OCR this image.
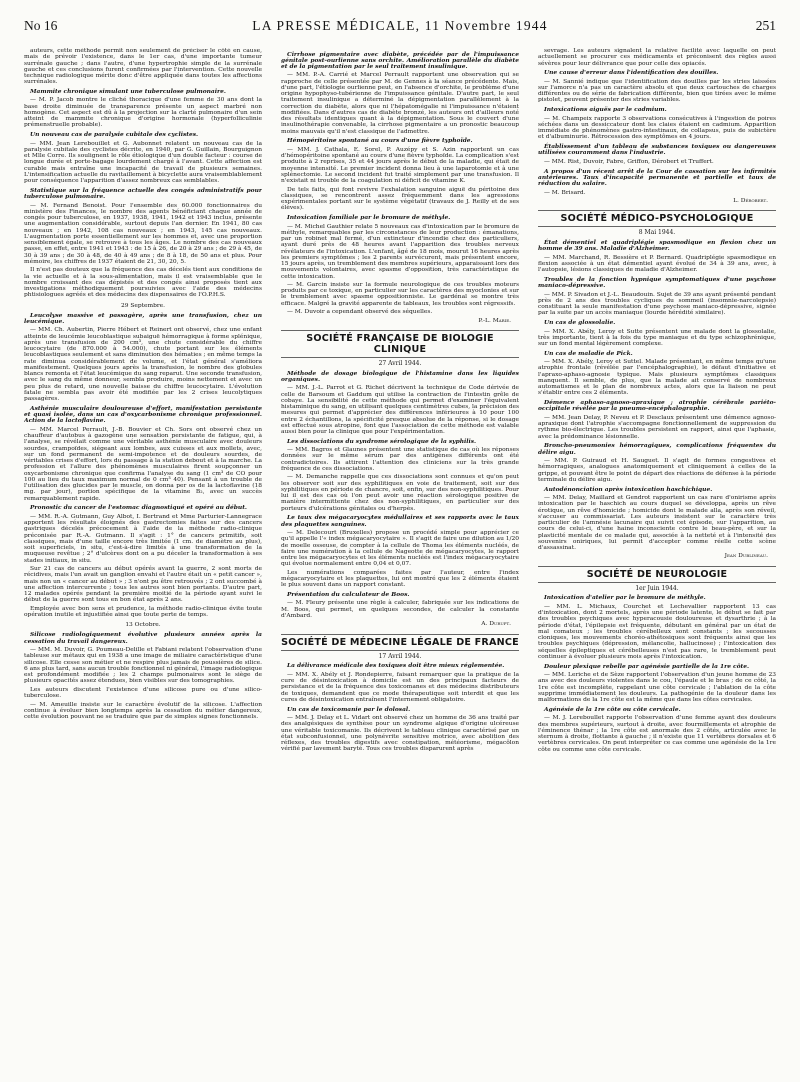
LA PRESSE MÉDICALE, 11 Novembre 1944
No 16	251

auteurs, cette méthode permit non seulement de préciser le côté en cause, mais de prévoir l'existence, dans le 1er cas, d'une importante tumeur surrénale gauche ; dans l'autre, d'une hypertrophie simple de la surrénale gauche et ces conclusions furent confirmées par l'intervention. Cette nouvelle technique radiologique mérite donc d'être appliquée dans toutes les affections surrénales.

Mammite chronique simulant une tuberculose pulmonaire.

— M. P. Jacob montre le cliché thoracique d'une femme de 30 ans dont la base droite diminuée de transparence présente un aspect marbré non homogène. Cet aspect est dû à la projection sur la clarté pulmonaire d'un sein atteint de mammite chronique d'origine hormonale (hyperfolliculinie prémenstruelle probable).

Un nouveau cas de paralysie cubitale des cyclistes.

— MM. Jean Lerebouillet et G. Aubonnet relatent un nouveau cas de la paralysie cubitale des cyclistes décrite, en 1940, par G. Guillain, Bourguignon et Mlle Corre. Ils soulignent le rôle étiologique d'un double facteur : course de longue durée et porte-bagage lourdement chargé à l'avant. Cette affection est curable mais entraîne une incapacité de travail de plusieurs semaines. L'intensification actuelle du ravitaillement à bicyclette aura vraisemblablement pour conséquence l'apparition d'assez nombreux cas semblables.

Statistique sur la fréquence actuelle des congés administratifs pour tuberculose pulmonaire.

— M. Fernand Benoist. Pour l'ensemble des 60.000 fonctionnaires du ministère des Finances, le nombre des agents bénéficiant chaque année de congés pour tuberculose, en 1937, 1938, 1941, 1942 et 1943 inclus, présente une augmentation considérable, surtout depuis l'an dernier. En 1941, 80 cas nouveaux ; en 1942, 108 cas nouveaux ; en 1943, 145 cas nouveaux. L'augmentation porte essentiellement sur les hommes et, avec une proportion sensiblement égale, se retrouve à tous les âges. Le nombre des cas nouveaux passe, en effet, entre 1941 et 1943 : de 15 à 26, de 20 à 29 ans ; de 29 à 45, de 30 à 39 ans ; de 30 à 48, de 40 à 49 ans ; de 8 à 18, de 50 ans et plus. Pour mémoire, les chiffres de 1937 étaient de 21, 30, 20, 5.

Il n'est pas douteux que la fréquence des cas décelés tient aux conditions de la vie actuelle et à la sous-alimentation, mais il est vraisemblable que le nombre croissant des cas dépistés et des congés ainsi proposés tient aux investigations méthodiquement poursuivies avec l'aide des médecins phtisiologues agréés et des médecins des dispensaires de l'O.P.H.S.

29 Septembre.

Leucolyse massive et passagère, après une transfusion, chez un leucémique.

— MM. Ch. Aubertin, Pierre Hébert et Reinert ont observé, chez une enfant atteinte de leucémie leucoblastique subaiguë hémorragique à forme splénique, après une transfusion de 200 cm³, une chute considérable du chiffre leucocytaire (de 870.000 à 54.000), chute portant sur les éléments leucoblastiques seulement et sans diminution des hématies ; en même temps la rate diminua considérablement de volume, et l'état général s'améliora manifestement. Quelques jours après la transfusion, le nombre des globules blancs remonta et l'état leucémique du sang reparut. Une seconde transfusion, avec le sang du même donneur, sembla produire, moins nettement et avec un peu plus de retard, une nouvelle baisse du chiffre leucocytaire. L'évolution fatale ne sembla pas avoir été modifiée par les 2 crises leucolytiques passagères.

Asthénie musculaire douloureuse d'effort, manifestation persistante et quasi isolée, dans un cas d'oxycarbonisme chronique professionnel. Action de la lactoflavine.

— MM. Marcel Perrault, J.-B. Bouvier et Ch. Sors ont observé chez un chauffeur d'autobus à gazogène une sensation persistante de fatigue, qui, à l'analyse, se révélait comme une véritable asthénie musculaire avec douleurs sourdes, crampoïdes, siégeant aux lombes, aux cuisses et aux mollets, avec, sur un fond permanent de semi-impotence et de douleurs sourdes, de véritables crises d'effort, lors du passage à la station debout et à la marche. La profession et l'allure des phénomènes musculaires firent soupçonner un oxycarbonisme chronique que confirma l'analyse du sang (1 cm³ de CO pour 100 au lieu du taux maximum normal de 0 cm³ 40). Pensant à un trouble de l'utilisation des glucides par le muscle, on donna per os de la lactoflavine (18 mg. par jour), portion spécifique de la vitamine B₂, avec un succès remarquablement rapide.

Pronostic du cancer de l'estomac diagnostiqué et opéré au début.

— MM. R.-A. Gutmann, Guy Albot, I. Bertrand et Mme Parturier-Lannegrace apportent les résultats éloignés des gastrectomies faites sur des cancers gastriques décelés précocement à l'aide de la méthode radio-clinique préconisée par R.-A. Gutmann. Il s'agit : 1° de cancers primitifs, soit classiques, mais d'une taille encore très limitée (1 cm. de diamètre au plus), soit superficiels, in situ, c'est-à-dire limités à une transformation de la muqueuse revêtue ; 2° d'ulcères dont on a pu déceler la transformation à ses stades initiaux, in situ.

Sur 21 cas de cancers au début opérés avant la guerre, 2 sont morts de récidives, mais l'un avait un ganglion envahi et l'autre était un « petit cancer », mais non un « cancer au début » ; 3 n'ont pu être retrouvés ; 2 ont succombé à une affection intercurrente ; tous les autres sont bien portants. D'autre part, 12 malades opérés pendant la première moitié de la période ayant suivi le début de la guerre sont tous en bon état après 2 ans.

Employée avec bon sens et prudence, la méthode radio-clinique évite toute opération inutile et injustifiée ainsi que toute perte de temps.

13 Octobre.

Silicose radiologiquement évolutive plusieurs années après la cessation du travail dangereux.

— MM. M. Duvoir, G. Poumeau-Delille et Fabiani relatent l'observation d'une tableuse sur métaux qui en 1938 a une image de miliaire caractéristique d'une silicose. Elle cesse son métier et ne respire plus jamais de poussières de silice. 6 ans plus tard, sans aucun trouble fonctionnel ni général, l'image radiologique est profondément modifiée ; les 2 champs pulmonaires sont le siège de plusieurs opacités assez étendues, bien visibles sur des tomographies.

Les auteurs discutent l'existence d'une silicose pure ou d'une silico-tuberculose.

— M. Ameuille insiste sur le caractère évolutif de la silicose. L'affection continue à évoluer bien longtemps après la cessation du métier dangereux, cette évolution pouvant ne se traduire que par de simples signes fonctionnels.

Cirrhose pigmentaire avec diabète, précédée par de l'impuissance génitale post-ourlienne sans orchite. Amélioration parallèle du diabète et de la pigmentation par le seul traitement insulinique.

— MM. P.-A. Carrié et Marcel Perrault rapportent une observation qui se rapproche de celle présentée par M. de Gennes à la séance précédente. Mais, d'une part, l'étiologie ourlienne peut, en l'absence d'orchite, le problème d'une origine hypophyso-tubérienne de l'impuissance génitale. D'autre part, le seul traitement insulinique a déterminé la dépigmentation parallèlement à la correction du diabète, alors que ni l'hépatomégalie ni l'impuissance n'étaient modifiées. Dans d'autres cas de diabète bronzé, les auteurs ont d'ailleurs noté des résultats identiques quant à la dépigmentation. Sous le couvert d'une insulinothérapie convenable, la cirrhose pigmentaire a un pronostic beaucoup moins mauvais qu'il n'est classique de l'admettre.

Hémopéritoine spontané au cours d'une fièvre typhoïde.

— MM. J. Cathala, E. Sorel, P. Auzépy et S. Azin rapportent un cas d'hémopéritoine spontané au cours d'une fièvre typhoïde. La complication s'est produite à 2 reprises, 35 et 44 jours après le début de la maladie, qui était de moyenne intensité. Le premier incident donna lieu à une laparotomie et à une splénectomie. Le second incident fut traité simplement par une transfusion. Il n'existait ni trouble de la coagulation ni déficit de vitamine K.

De tels faits, qui font revivre l'exhalation sanguine aiguë du péritoine des classiques, se rencontrent assez fréquemment dans les agressions expérimentales portant sur le système végétatif (travaux de J. Reilly et de ses élèves).

Intoxication familiale par le bromure de méthyle.

— M. Michel Gauthier relate 5 nouveaux cas d'intoxication par le bromure de méthyle, remarquables par les circonstances de leur production : émanations, par un robinet mal fermé, d'un extincteur d'incendie chez des particuliers, ayant duré près de 48 heures avant l'apparition des troubles nerveux révélateurs de l'intoxication. L'enfant, âgé de 18 mois, mourut 16 heures après les premiers symptômes ; les 2 parents survécurent, mais présentent encore, 15 jours après, un tremblement des membres supérieurs, apparaissant lors des mouvements volontaires, avec spasme d'opposition, très caractéristique de cette intoxication.

— M. Garcin insiste sur la formule neurologique de ces troubles moteurs produits par ce toxique, en particulier sur les caractères des myoclonies et sur le tremblement avec spasme oppositionniste. Le gardénal se montre très efficace. Malgré la gravité apparente de tableaux, les troubles sont régressifs.

— M. Duvoir a cependant observé des séquelles.

P.-L. Marie.

SOCIÉTÉ FRANÇAISE DE BIOLOGIE CLINIQUE
27 Avril 1944.

Méthode de dosage biologique de l'histamine dans les liquides organiques.

— MM. J.-L. Parrot et G. Richet décrivent la technique de Code dérivée de celle de Barsoum et Gaddum qui utilise la contraction de l'intestin grêle de cobaye. La sensibilité de cette méthode qui permet d'examiner l'équivalent histaminique du sang, en utilisant quelques centimètres cubes, la précision des mesures qui permet d'apprécier des différences inférieures à 10 pour 100 entre 2 échantillons, la spécificité presque absolue de la réponse, si le dosage est effectué sous atropine, font que l'association de cette méthode est valable aussi bien pour la clinique que pour l'expérimentation.

Les dissociations du syndrome sérologique de la syphilis.

— MM. Bagros et Glaunes présentent une statistique de cas où les réponses données sur le même sérum par des antigènes différents ont été contradictoires. Ils attirent l'attention des cliniciens sur la très grande fréquence de ces dissociations.

— M. Demanche rappelle que ces dissociations sont connues et qu'on peut les observer soit sur des syphilitiques en voie de traitement, soit sur des syphilitiques en période de chancre, soit, enfin, sur des non-syphilitiques. Pour lui il est des cas où l'on peut avoir une réaction sérologique positive de manière intermittente chez des non-syphilitiques, en particulier sur des porteurs d'ulcérations génitales ou d'herpès.

Le taux des mégacaryocytes médullaires et ses rapports avec le taux des plaquettes sanguines.

— M. Delecourt (Bruxelles) propose un procédé simple pour apprécier ce qu'il appelle l'« index mégacaryocytaire ». Il s'agit de faire une dilution au 1/20 de moelle osseuse, de compter à la cellule de Thoma les éléments nucléés, de faire une numération à la cellule de Nageotte de mégacaryocytes, le rapport entre les mégacaryocytes et les éléments nucléés est l'index mégacaryocytaire qui évolue normalement entre 0,04 et 0,07.

Les numérations comparées faites par l'auteur, entre l'index mégacaryocytaire et les plaquettes, lui ont montré que les 2 éléments étaient le plus souvent dans un rapport constant.

Présentation du calculateur de Boos.

— M. Fleury présente une règle à calculer, fabriquée sur les indications de M. Boos, qui permet, en quelques secondes, de calculer la constante d'Ambard.

A. Durupt.

SOCIÉTÉ DE MÉDECINE LÉGALE DE FRANCE
17 Avril 1944.

La délivrance médicale des toxiques doit être mieux réglementée.

— MM. X. Abély et J. Rondepierre, faisant remarquer que la pratique de la cure de désintoxication à domicile est un des principaux facteurs de persistance et de la fréquence des toxicomanes et des médecins distributeurs de toxiques, demandent que ce mode thérapeutique soit interdit et que les cures de désintoxication entraînent l'internement obligatoire.

Un cas de toxicomanie par le dolosal.

— MM. J. Delay et L. Vidart ont observé chez un homme de 36 ans traité par des analgésiques de synthèse pour un syndrome algique d'origine ulcéreuse une véritable toxicomanie. Ils décrivent le tableau clinique caractérisé par un état subconfusionnel, une polynévrite sensitive motrice, avec abolition des réflexes, des troubles digestifs avec constipation, météorisme, mégacôlon vérifié par lavement baryté. Tous ces troubles disparurent après

sevrage. Les auteurs signalent la relative facilité avec laquelle on peut actuellement se procurer ces médicaments et préconisent des règles aussi sévères pour leur délivrance que pour celle des opiacés.

Une cause d'erreur dans l'identification des douilles.

— M. Sannié indique que l'identification des douilles par les stries laissées sur l'amorce n'a pas un caractère absolu et que deux cartouches de charges différentes ou de série de fabrication différente, bien que tirées avec le même pistolet, peuvent présenter des stries variables.

Intoxications aiguës par le cadmium.

— M. Champeix rapporte 3 observations consécutives à l'ingestion de poires séchées dans un dessiccateur dont les claies étaient en cadmium. Apparition immédiate de phénomènes gastro-intestinaux, de collapsus, puis de subictère et d'albuminurie. Rétrocession des symptômes en 4 jours.

Établissement d'un tableau de substances toxiques ou dangereuses utilisées couramment dans l'industrie.

— MM. Rist, Duvoir, Fabre, Griffon, Dérobert et Truffert.

A propos d'un récent arrêt de la Cour de cassation sur les infirmités antérieures. Taux d'incapacité permanente et partielle et taux de réduction du salaire.

— M. Brisard.

L. Dérobert.

SOCIÉTÉ MÉDICO-PSYCHOLOGIQUE
8 Mai 1944.

État démentiel et quadriplégie spasmodique en flexion chez un homme de 39 ans. Maladie d'Alzheimer.

— MM. Marchand, R. Bessière et P. Bernard. Quadriplégie spasmodique en flexion associée à un état démentiel ayant évolué de 34 à 39 ans, avec, à l'autopsie, lésions classiques de maladie d'Alzheimer.

Troubles de la fonction hypnique symptomatiques d'une psychose maniaco-dépressive.

— MM. P. Sivadon et J.-L. Beaudouin. Sujet de 39 ans ayant présenté pendant près de 2 ans des troubles cycliques du sommeil (insomnie-narcolepsie) constituant la seule manifestation d'une psychose maniaco-dépressive, signée par la suite par un accès maniaque (lourde hérédité similaire).

Un cas de glossolalie.

— MM. X. Abély, Leroy et Sutte présentent une malade dont la glossolalie, très importante, tient à la fois du type maniaque et du type schizophrénique, sur un fond mental légèrement complexe.

Un cas de maladie de Pick.

— MM. X. Abély, Leroy et Suttel. Malade présentant, en même temps qu'une atrophie frontale (révélée par l'encéphalographie), le défaut d'initiative et l'apraxo-aphaso-agnosie typique. Mais plusieurs symptômes classiques manquent. Il semble, de plus, que la malade ait conservé de nombreux automatismes et le plan de nombreux actes, alors que la liaison ne peut s'établir entre ces 2 éléments.

Démence aphaso-agnoso-apraxique ; atrophie cérébrale pariéto-occipitale révélée par la pneumo-encéphalographie.

— MM. Jean Delay, P. Neveu et P. Desclaux présentent une démence agnoso-apraxique dont l'atrophie s'accompagne fonctionnellement de suppression du rythme bio-électrique. Les troubles persistent en rapport, ainsi que l'aphasie, avec la prédominance lésionnelle.

Broncho-pneumonies hémorragiques, complications fréquentes du délire aigu.

— MM. P. Guiraud et H. Sauguet. Il s'agit de formes congestives et hémorragiques, analogues anatomiquement et cliniquement à celles de la grippe, et pouvant être le point de départ des réactions de défense à la période terminale du délire aigu.

Autodénonciation après intoxication haschichique.

— MM. Delay, Maillard et Gendrot rapportent un cas rare d'onirisme après intoxication par le haschich au cours duquel se développa, après un rêve érotique, un rêve d'homicide ; homicide dont le malade alla, après son réveil, s'accuser au commissariat. Les auteurs insistent sur le caractère très particulier de l'amnésie lacunaire qui suivit cet épisode, sur l'apparition, au cours de celui-ci, d'une haine inconsciente contre le beau-père, et sur la plasticité mentale de ce malade qui, associée à la netteté et à l'intensité des souvenirs oniriques, lui permit d'accepter comme réelle cette scène d'assassinat.

Jean Dublineau.

SOCIÉTÉ DE NEUROLOGIE
1er Juin 1944.

Intoxication d'atelier par le bromure de méthyle.

— MM. L. Michaux, Courchet et Lechevallier rapportent 13 cas d'intoxication, dont 2 mortels, après une période latente, le début se fait par des troubles psychiques avec hyperacousie douloureuse et dysarthrie ; à la période d'état, l'épilepsie est fréquente, débutant en général par un état de mal comateux ; les troubles cérébelleux sont constants ; les secousses cloniques, les mouvements choréo-athétosiques sont fréquents ainsi que les troubles psychiques (dépression, mélancolie, hallucinose) ; l'intoxication des séquelles épileptiques et cérébelleuses n'est pas rare, le tremblement peut continuer à évoluer plusieurs mois après l'intoxication.

Douleur plexique rebelle par agénésie partielle de la 1re côte.

— MM. Leriche et de Sèze rapportent l'observation d'un jeune homme de 23 ans avec des douleurs violentes dans le cou, l'épaule et le bras ; de ce côté, la 1re côte est incomplète, rappelant une côte cervicale ; l'ablation de la côte supprime immédiatement les douleurs. La pathogénie de la douleur dans les malformations de la 1re côte est la même que dans les côtes cervicales.

Agénésie de la 1re côte ou côte cervicale.

— M. J. Lereboullet rapporte l'observation d'une femme ayant des douleurs des membres supérieurs, surtout à droite, avec fourmillements et atrophie de l'éminence thénar ; la 1re côte est anormale des 2 côtés, articulée avec le sternum à droite, flottante à gauche ; il n'existe que 11 vertèbres dorsales et 6 vertèbres cervicales. On peut interpréter ce cas comme une agénésie de la 1re côte ou comme une côte cervicale.
